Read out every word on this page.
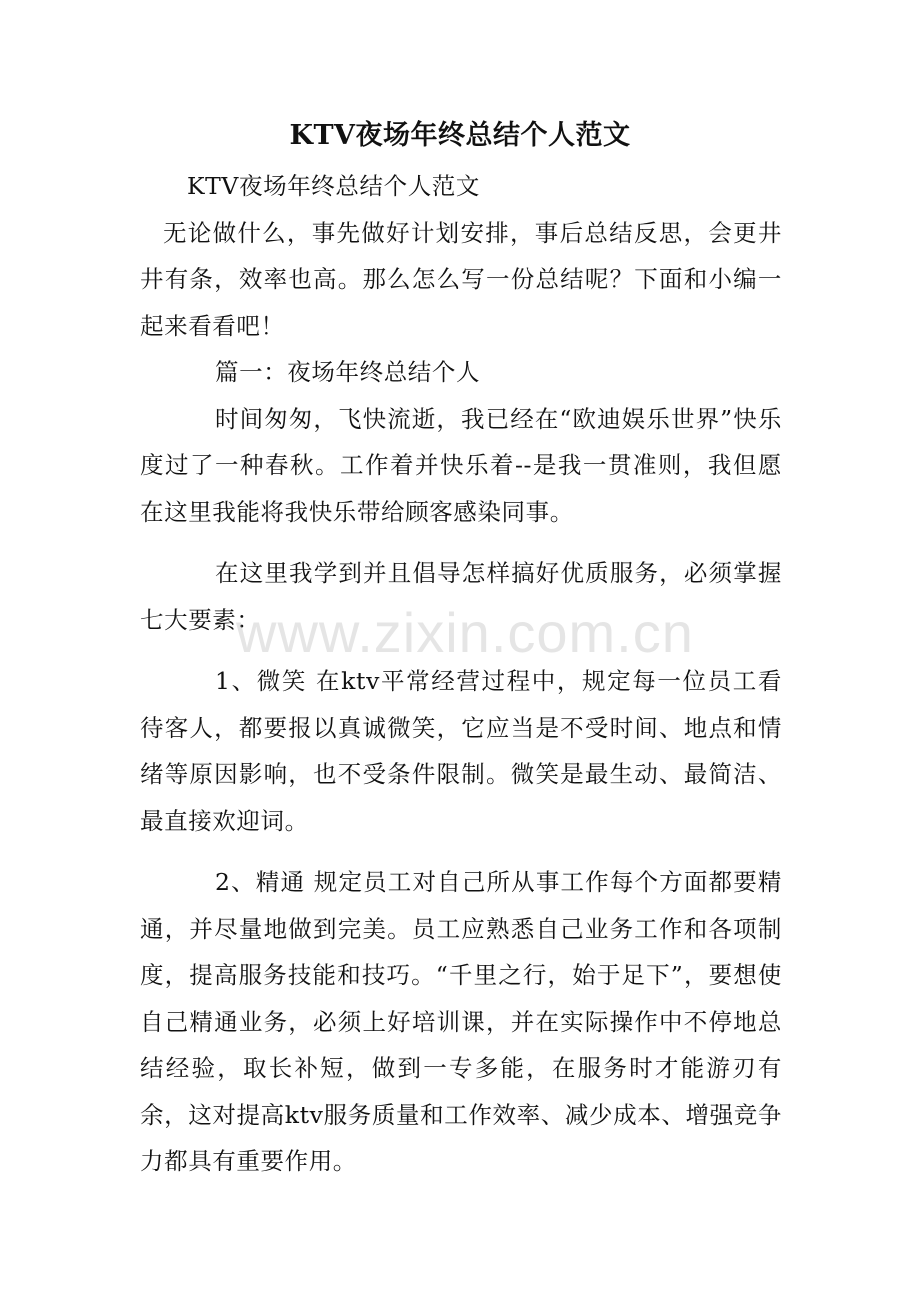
KTV夜场年终总结个人范文

KTV夜场年终总结个人范文

无论做什么，事先做好计划安排，事后总结反思，会更井井有条，效率也高。那么怎么写一份总结呢？下面和小编一起来看看吧！

篇一：夜场年终总结个人

时间匆匆，飞快流逝，我已经在“欧迪娱乐世界”快乐度过了一种春秋。工作着并快乐着--是我一贯准则，我但愿在这里我能将我快乐带给顾客感染同事。

在这里我学到并且倡导怎样搞好优质服务，必须掌握七大要素：

1、微笑 在ktv平常经营过程中，规定每一位员工看待客人，都要报以真诚微笑，它应当是不受时间、地点和情绪等原因影响，也不受条件限制。微笑是最生动、最简洁、最直接欢迎词。

2、精通 规定员工对自己所从事工作每个方面都要精通，并尽量地做到完美。员工应熟悉自己业务工作和各项制度，提高服务技能和技巧。“千里之行，始于足下”，要想使自己精通业务，必须上好培训课，并在实际操作中不停地总结经验，取长补短，做到一专多能，在服务时才能游刃有余，这对提高ktv服务质量和工作效率、减少成本、增强竞争力都具有重要作用。

www.zixin.com.cn
